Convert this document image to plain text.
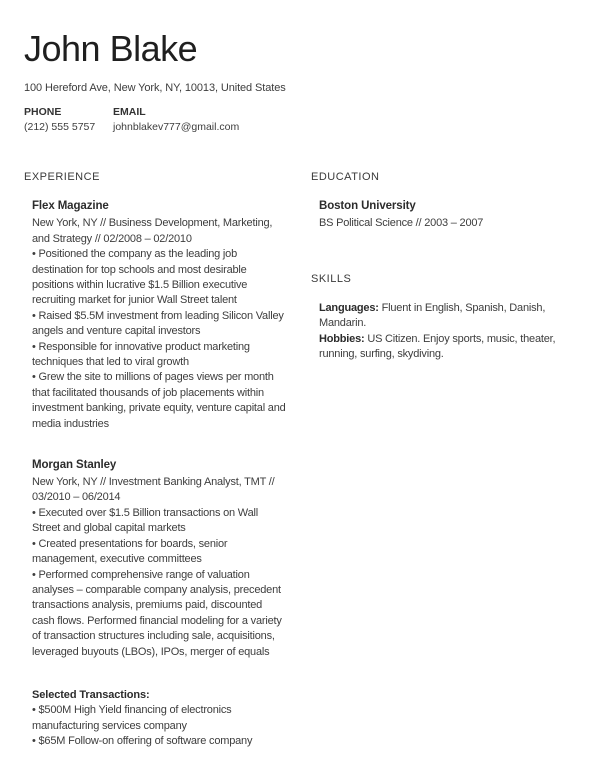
John Blake

100 Hereford Ave, New York, NY, 10013, United States

PHONE
(212) 555 5757
EMAIL
johnblakev777@gmail.com
EXPERIENCE
Flex Magazine

New York, NY // Business Development, Marketing, and Strategy // 02/2008 – 02/2010

• Positioned the company as the leading job destination for top schools and most desirable positions within lucrative $1.5 Billion executive recruiting market for junior Wall Street talent

• Raised $5.5M investment from leading Silicon Valley angels and venture capital investors

• Responsible for innovative product marketing techniques that led to viral growth

• Grew the site to millions of pages views per month that facilitated thousands of job placements within investment banking, private equity, venture capital and media industries

Morgan Stanley

New York, NY // Investment Banking Analyst, TMT // 03/2010 – 06/2014

• Executed over $1.5 Billion transactions on Wall Street and global capital markets

• Created presentations for boards, senior management, executive committees

• Performed comprehensive range of valuation analyses – comparable company analysis, precedent transactions analysis, premiums paid, discounted cash flows. Performed financial modeling for a variety of transaction structures including sale, acquisitions, leveraged buyouts (LBOs), IPOs, merger of equals

Selected Transactions:

• $500M High Yield financing of electronics manufacturing services company

• $65M Follow-on offering of software company

EDUCATION
Boston University

BS Political Science // 2003 – 2007

SKILLS

Languages: Fluent in English, Spanish, Danish, Mandarin.

Hobbies: US Citizen. Enjoy sports, music, theater, running, surfing, skydiving.
